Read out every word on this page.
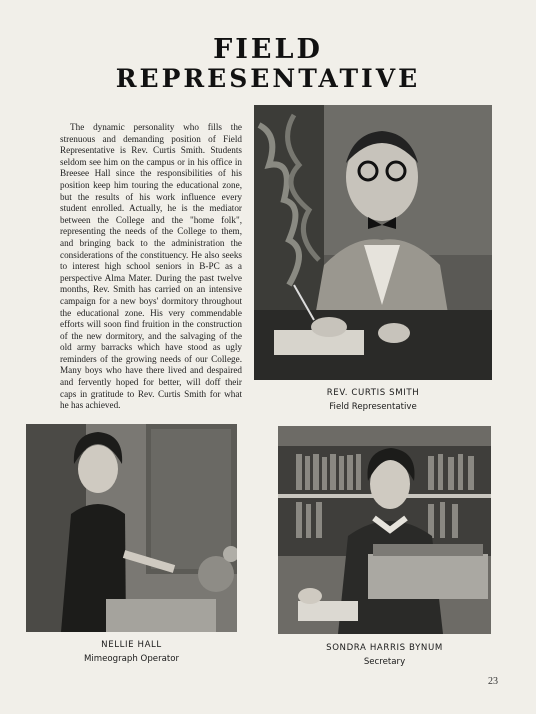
FIELD
REPRESENTATIVE
The dynamic personality who fills the strenuous and demanding position of Field Representative is Rev. Curtis Smith. Students seldom see him on the campus or in his office in Breesee Hall since the responsibilities of his position keep him touring the educational zone, but the results of his work influence every student enrolled. Actually, he is the mediator between the College and the "home folk", representing the needs of the College to them, and bringing back to the administration the considerations of the constituency. He also seeks to interest high school seniors in B-PC as a perspective Alma Mater. During the past twelve months, Rev. Smith has carried on an intensive campaign for a new boys' dormitory throughout the educational zone. His very commendable efforts will soon find fruition in the construction of the new dormitory, and the salvaging of the old army barracks which have stood as ugly reminders of the growing needs of our College. Many boys who have there lived and despaired and fervently hoped for better, will doff their caps in gratitude to Rev. Curtis Smith for what he has achieved.
REV. CURTIS SMITH
Field Representative
NELLIE HALL
Mimeograph Operator
SONDRA HARRIS BYNUM
Secretary
23
